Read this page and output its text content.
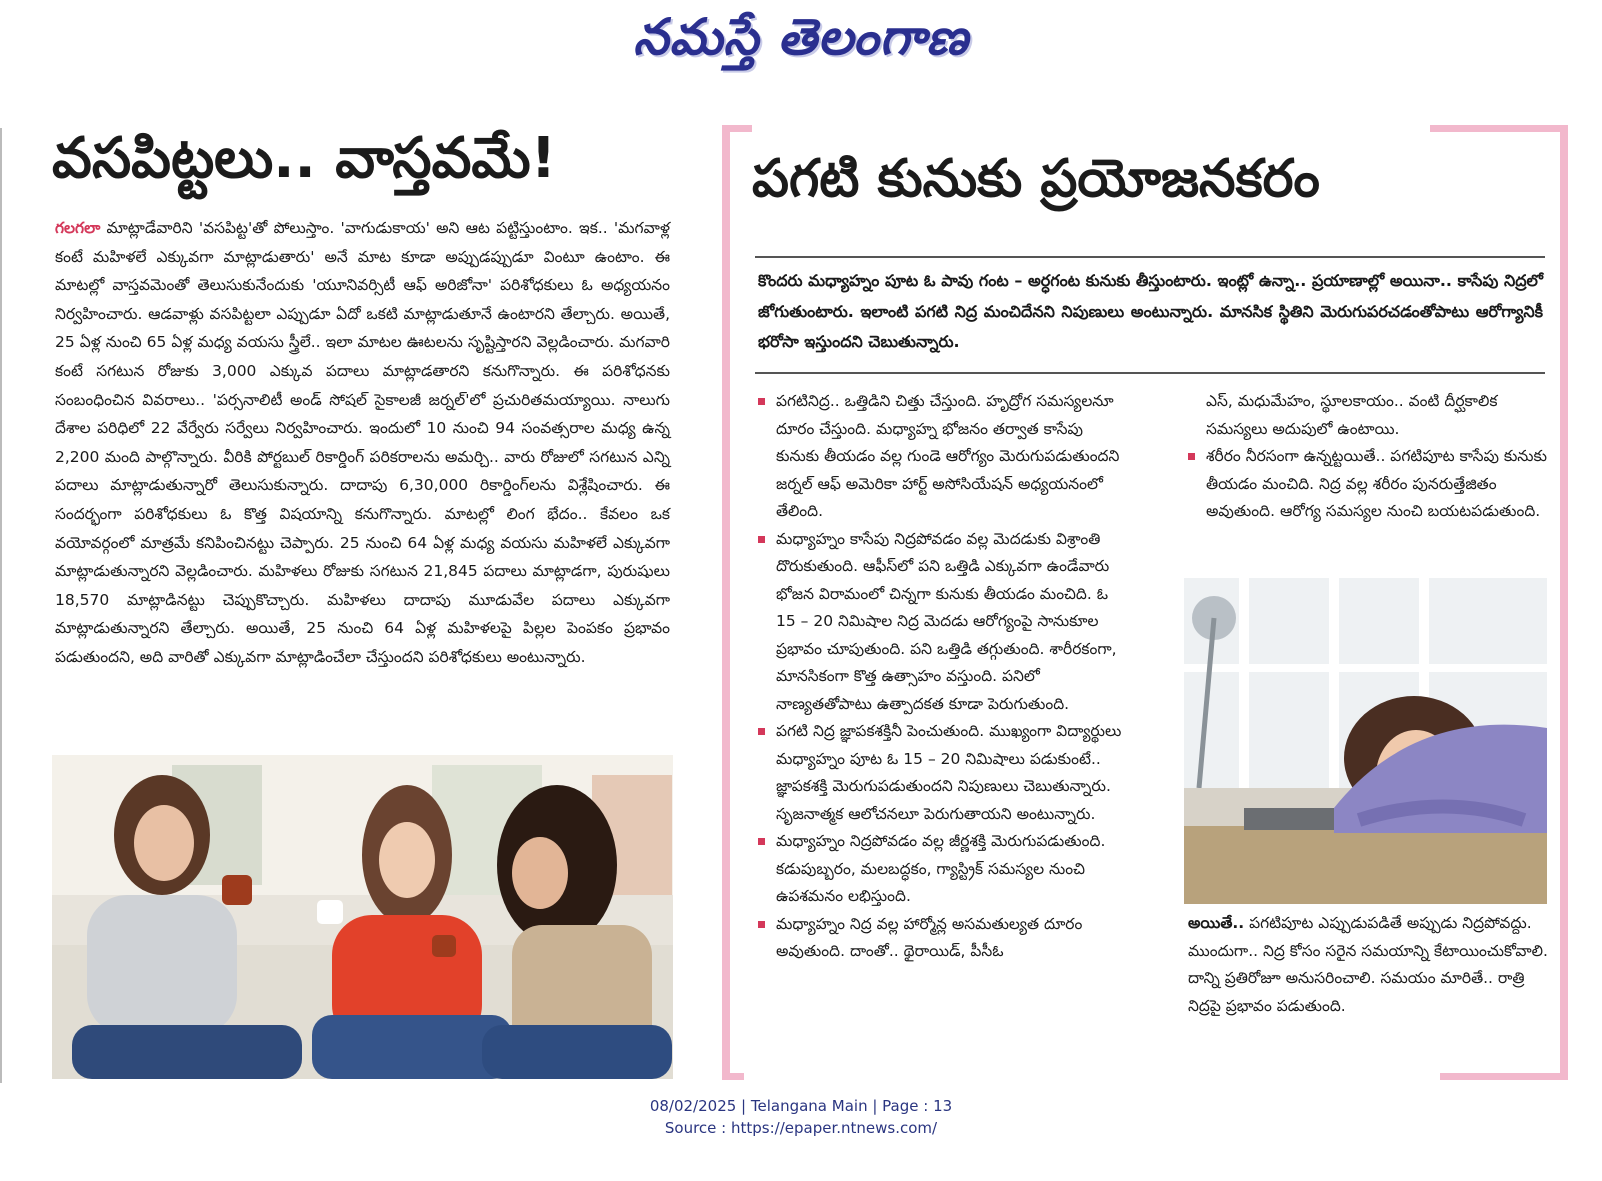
నమస్తే తెలంగాణ
వసపిట్టలు.. వాస్తవమే!
గలగలా మాట్లాడేవారిని 'వసపిట్ట'తో పోలుస్తాం. 'వాగుడుకాయ' అని ఆట పట్టిస్తుంటాం. ఇక.. 'మగవాళ్ల కంటే మహిళలే ఎక్కువగా మాట్లాడుతారు' అనే మాట కూడా అప్పుడప్పుడూ వింటూ ఉంటాం. ఈ మాటల్లో వాస్తవమెంతో తెలుసుకునేందుకు 'యూనివర్సిటీ ఆఫ్ అరిజోనా' పరిశోధకులు ఓ అధ్యయనం నిర్వహించారు. ఆడవాళ్లు వసపిట్టలా ఎప్పుడూ ఏదో ఒకటి మాట్లాడుతూనే ఉంటారని తేల్చారు. అయితే, 25 ఏళ్ల నుంచి 65 ఏళ్ల మధ్య వయసు స్త్రీలే.. ఇలా మాటల ఊటలను సృష్టిస్తారని వెల్లడించారు. మగవారి కంటే సగటున రోజుకు 3,000 ఎక్కువ పదాలు మాట్లాడతారని కనుగొన్నారు. ఈ పరిశోధనకు సంబంధించిన వివరాలు.. 'పర్సనాలిటీ అండ్ సోషల్ సైకాలజీ జర్నల్'లో ప్రచురితమయ్యాయి. నాలుగు దేశాల పరిధిలో 22 వేర్వేరు సర్వేలు నిర్వహించారు. ఇందులో 10 నుంచి 94 సంవత్సరాల మధ్య ఉన్న 2,200 మంది పాల్గొన్నారు. వీరికి పోర్టబుల్ రికార్డింగ్ పరికరాలను అమర్చి.. వారు రోజులో సగటున ఎన్ని పదాలు మాట్లాడుతున్నారో తెలుసుకున్నారు. దాదాపు 6,30,000 రికార్డింగ్‌లను విశ్లేషించారు. ఈ సందర్భంగా పరిశోధకులు ఓ కొత్త విషయాన్ని కనుగొన్నారు. మాటల్లో లింగ భేదం.. కేవలం ఒక వయోవర్గంలో మాత్రమే కనిపించినట్టు చెప్పారు. 25 నుంచి 64 ఏళ్ల మధ్య వయసు మహిళలే ఎక్కువగా మాట్లాడుతున్నారని వెల్లడించారు. మహిళలు రోజుకు సగటున 21,845 పదాలు మాట్లాడగా, పురుషులు 18,570 మాట్లాడినట్టు చెప్పుకొచ్చారు. మహిళలు దాదాపు మూడువేల పదాలు ఎక్కువగా మాట్లాడుతున్నారని తేల్చారు. అయితే, 25 నుంచి 64 ఏళ్ల మహిళలపై పిల్లల పెంపకం ప్రభావం పడుతుందని, అది వారితో ఎక్కువగా మాట్లాడించేలా చేస్తుందని పరిశోధకులు అంటున్నారు.
పగటి కునుకు ప్రయోజనకరం
కొందరు మధ్యాహ్నం పూట ఓ పావు గంట – అర్ధగంట కునుకు తీస్తుంటారు. ఇంట్లో ఉన్నా.. ప్రయాణాల్లో అయినా.. కాసేపు నిద్రలో జోగుతుంటారు. ఇలాంటి పగటి నిద్ర మంచిదేనని నిపుణులు అంటున్నారు. మానసిక స్థితిని మెరుగుపరచడంతోపాటు ఆరోగ్యానికీ భరోసా ఇస్తుందని చెబుతున్నారు.
పగటినిద్ర.. ఒత్తిడిని చిత్తు చేస్తుంది. హృద్రోగ సమస్యలనూ దూరం చేస్తుంది. మధ్యాహ్న భోజనం తర్వాత కాసేపు కునుకు తీయడం వల్ల గుండె ఆరోగ్యం మెరుగుపడుతుందని జర్నల్ ఆఫ్ అమెరికా హార్ట్ అసోసియేషన్ అధ్యయనంలో తేలింది.
మధ్యాహ్నం కాసేపు నిద్రపోవడం వల్ల మెదడుకు విశ్రాంతి దొరుకుతుంది. ఆఫీస్‌లో పని ఒత్తిడి ఎక్కువగా ఉండేవారు భోజన విరామంలో చిన్నగా కునుకు తీయడం మంచిది. ఓ 15 – 20 నిమిషాల నిద్ర మెదడు ఆరోగ్యంపై సానుకూల ప్రభావం చూపుతుంది. పని ఒత్తిడి తగ్గుతుంది. శారీరకంగా, మానసికంగా కొత్త ఉత్సాహం వస్తుంది. పనిలో నాణ్యతతోపాటు ఉత్పాదకత కూడా పెరుగుతుంది.
పగటి నిద్ర జ్ఞాపకశక్తినీ పెంచుతుంది. ముఖ్యంగా విద్యార్థులు మధ్యాహ్నం పూట ఓ 15 – 20 నిమిషాలు పడుకుంటే.. జ్ఞాపకశక్తి మెరుగుపడుతుందని నిపుణులు చెబుతున్నారు. సృజనాత్మక ఆలోచనలూ పెరుగుతాయని అంటున్నారు.
మధ్యాహ్నం నిద్రపోవడం వల్ల జీర్ణశక్తి మెరుగుపడుతుంది. కడుపుబ్బరం, మలబద్ధకం, గ్యాస్ట్రిక్ సమస్యల నుంచి ఉపశమనం లభిస్తుంది.
మధ్యాహ్నం నిద్ర వల్ల హార్మోన్ల అసమతుల్యత దూరం అవుతుంది. దాంతో.. థైరాయిడ్, పీసీఓ
ఎస్, మధుమేహం, స్థూలకాయం.. వంటి దీర్ఘకాలిక సమస్యలు అదుపులో ఉంటాయి.
శరీరం నీరసంగా ఉన్నట్టయితే.. పగటిపూట కాసేపు కునుకు తీయడం మంచిది. నిద్ర వల్ల శరీరం పునరుత్తేజితం అవుతుంది. ఆరోగ్య సమస్యల నుంచి బయటపడుతుంది.
అయితే.. పగటిపూట ఎప్పుడుపడితే అప్పుడు నిద్రపోవద్దు. ముందుగా.. నిద్ర కోసం సరైన సమయాన్ని కేటాయించుకోవాలి. దాన్ని ప్రతిరోజూ అనుసరించాలి. సమయం మారితే.. రాత్రి నిద్రపై ప్రభావం పడుతుంది.
08/02/2025 | Telangana Main | Page : 13
Source : https://epaper.ntnews.com/
